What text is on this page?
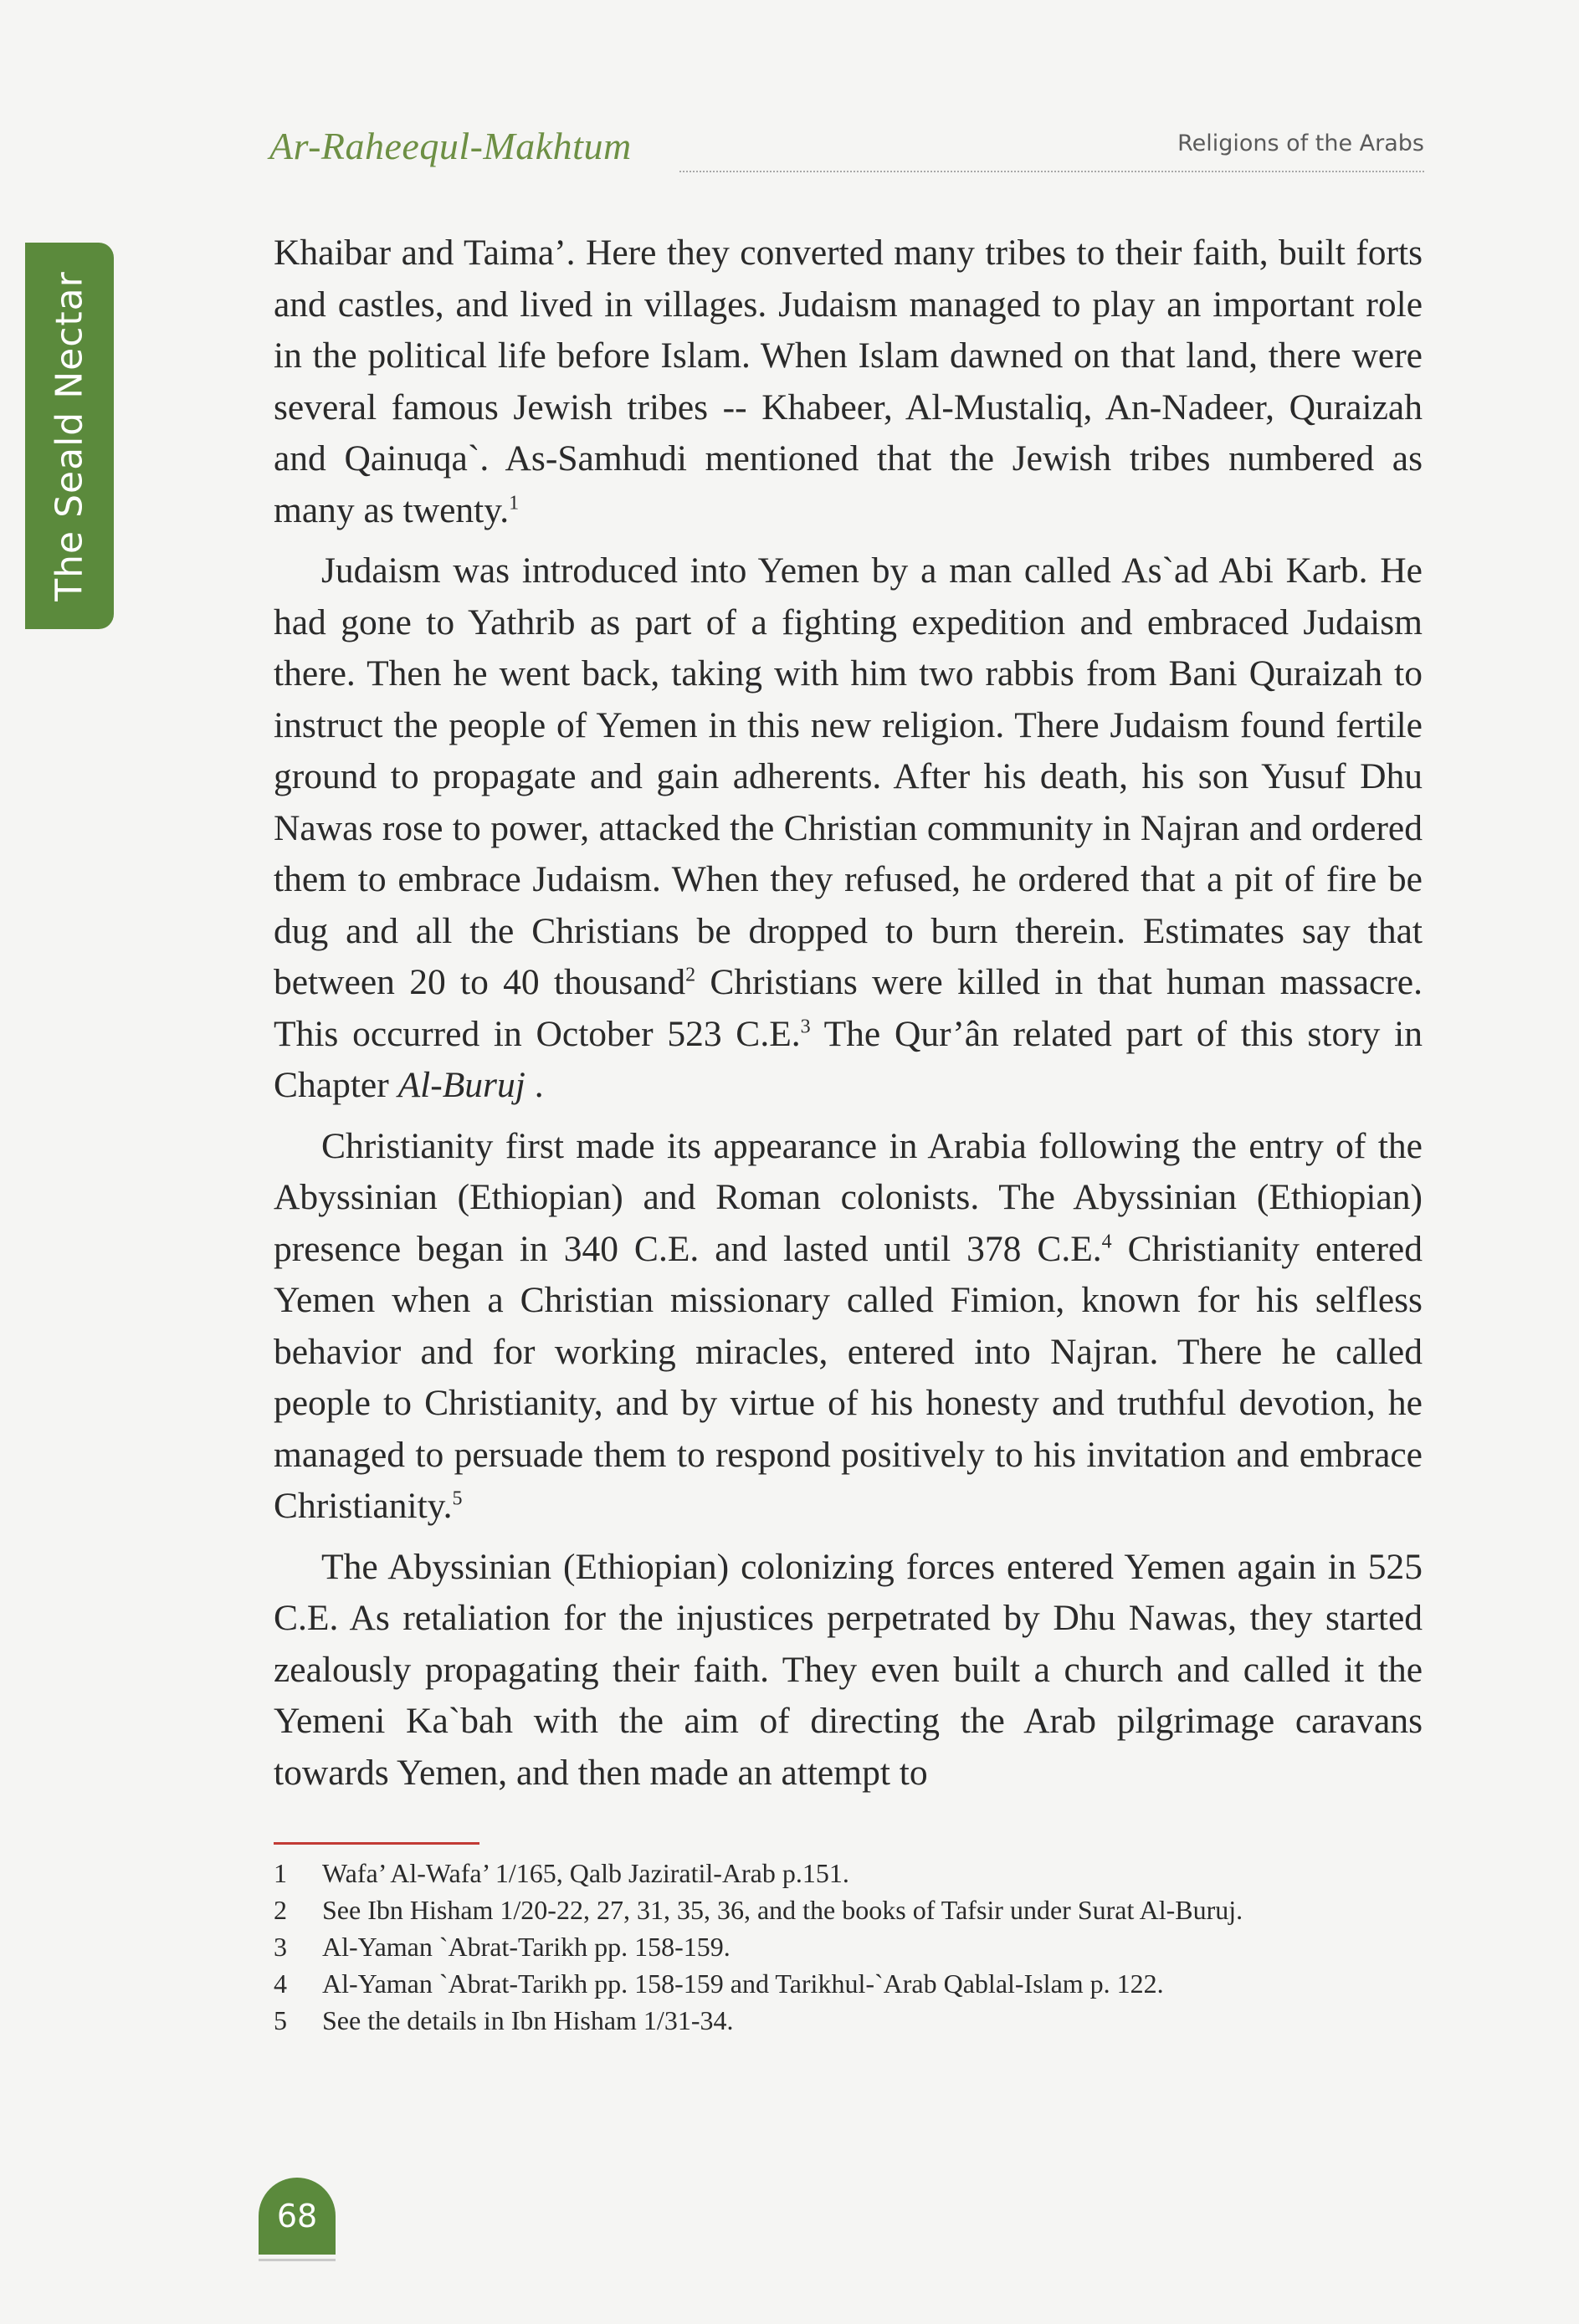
The Seald Nectar
Ar-Raheequl-Makhtum	Religions of the Arabs

Khaibar and Taima’. Here they converted many tribes to their faith, built forts and castles, and lived in villages. Judaism managed to play an important role in the political life before Islam. When Islam dawned on that land, there were several famous Jewish tribes -- Khabeer, Al-Mustaliq, An-Nadeer, Quraizah and Qainuqa`. As-Samhudi mentioned that the Jewish tribes numbered as many as twenty.$^1$

Judaism was introduced into Yemen by a man called As`ad Abi Karb. He had gone to Yathrib as part of a fighting expedition and embraced Judaism there. Then he went back, taking with him two rabbis from Bani Quraizah to instruct the people of Yemen in this new religion. There Judaism found fertile ground to propagate and gain adherents. After his death, his son Yusuf Dhu Nawas rose to power, attacked the Christian community in Najran and ordered them to embrace Judaism. When they refused, he ordered that a pit of fire be dug and all the Christians be dropped to burn therein. Estimates say that between 20 to 40 thousand$^2$ Christians were killed in that human massacre. This occurred in October 523 C.E.$^3$ The Qur’ân related part of this story in Chapter Al-Buruj .

Christianity first made its appearance in Arabia following the entry of the Abyssinian (Ethiopian) and Roman colonists. The Abyssinian (Ethiopian) presence began in 340 C.E. and lasted until 378 C.E.$^4$ Christianity entered Yemen when a Christian missionary called Fimion, known for his selfless behavior and for working miracles, entered into Najran. There he called people to Christianity, and by virtue of his honesty and truthful devotion, he managed to persuade them to respond positively to his invitation and embrace Christianity.$^5$

The Abyssinian (Ethiopian) colonizing forces entered Yemen again in 525 C.E. As retaliation for the injustices perpetrated by Dhu Nawas, they started zealously propagating their faith. They even built a church and called it the Yemeni Ka`bah with the aim of directing the Arab pilgrimage caravans towards Yemen, and then made an attempt to

1	Wafa’ Al-Wafa’ 1/165, Qalb Jaziratil-Arab p.151.
2	See Ibn Hisham 1/20-22, 27, 31, 35, 36, and the books of Tafsir under Surat Al-Buruj.
3	Al-Yaman `Abrat-Tarikh pp. 158-159.
4	Al-Yaman `Abrat-Tarikh pp. 158-159 and Tarikhul-`Arab Qablal-Islam p. 122.
5	See the details in Ibn Hisham 1/31-34.
68
